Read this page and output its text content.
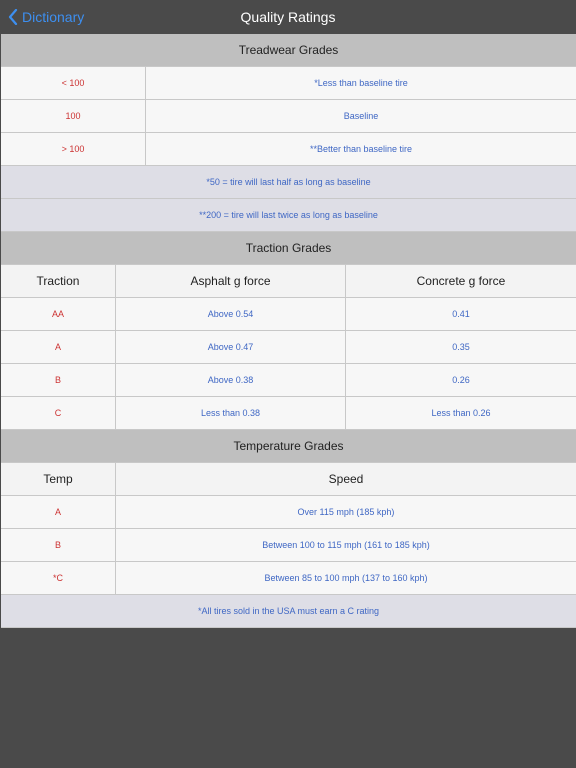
Dictionary	Quality Ratings
Treadwear Grades
< 100	*Less than baseline tire
100	Baseline
> 100	**Better than baseline tire
*50 = tire will last half as long as baseline
**200 = tire will last twice as long as baseline
Traction Grades
Traction	Asphalt g force	Concrete g force
AA	Above 0.54	0.41
A	Above 0.47	0.35
B	Above 0.38	0.26
C	Less than 0.38	Less than 0.26
Temperature Grades
Temp	Speed
A	Over 115 mph (185 kph)
B	Between 100 to 115 mph (161 to 185 kph)
*C	Between 85 to 100 mph (137 to 160 kph)
*All tires sold in the USA must earn a C rating
